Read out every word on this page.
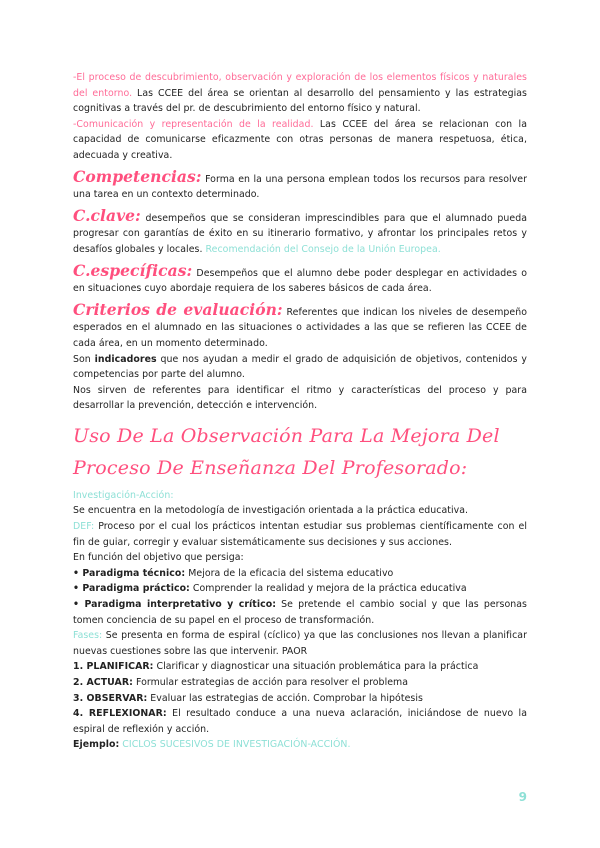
-El proceso de descubrimiento, observación y exploración de los elementos físicos y naturales del entorno. Las CCEE del área se orientan al desarrollo del pensamiento y las estrategias cognitivas a través del pr. de descubrimiento del entorno físico y natural.

-Comunicación y representación de la realidad. Las CCEE del área se relacionan con la capacidad de comunicarse eficazmente con otras personas de manera respetuosa, ética, adecuada y creativa.

Competencias: Forma en la una persona emplean todos los recursos para resolver una tarea en un contexto determinado.

C.clave: desempeños que se consideran imprescindibles para que el alumnado pueda progresar con garantías de éxito en su itinerario formativo, y afrontar los principales retos y desafíos globales y locales. Recomendación del Consejo de la Unión Europea.

C.específicas: Desempeños que el alumno debe poder desplegar en actividades o en situaciones cuyo abordaje requiera de los saberes básicos de cada área.

Criterios de evaluación: Referentes que indican los niveles de desempeño esperados en el alumnado en las situaciones o actividades a las que se refieren las CCEE de cada área, en un momento determinado.

Son indicadores que nos ayudan a medir el grado de adquisición de objetivos, contenidos y competencias por parte del alumno.

Nos sirven de referentes para identificar el ritmo y características del proceso y para desarrollar la prevención, detección e intervención.

Uso De La Observación Para La Mejora Del Proceso De Enseñanza Del Profesorado:

Investigación-Acción:

Se encuentra en la metodología de investigación orientada a la práctica educativa.

DEF: Proceso por el cual los prácticos intentan estudiar sus problemas científicamente con el fin de guiar, corregir y evaluar sistemáticamente sus decisiones y sus acciones.

En función del objetivo que persiga:

• Paradigma técnico: Mejora de la eficacia del sistema educativo

• Paradigma práctico: Comprender la realidad y mejora de la práctica educativa

• Paradigma interpretativo y crítico: Se pretende el cambio social y que las personas tomen conciencia de su papel en el proceso de transformación.

Fases: Se presenta en forma de espiral (cíclico) ya que las conclusiones nos llevan a planificar nuevas cuestiones sobre las que intervenir. PAOR

1. PLANIFICAR: Clarificar y diagnosticar una situación problemática para la práctica

2. ACTUAR: Formular estrategias de acción para resolver el problema

3. OBSERVAR: Evaluar las estrategias de acción. Comprobar la hipótesis

4. REFLEXIONAR: El resultado conduce a una nueva aclaración, iniciándose de nuevo la espiral de reflexión y acción.

Ejemplo: CICLOS SUCESIVOS DE INVESTIGACIÓN-ACCIÓN.

9
